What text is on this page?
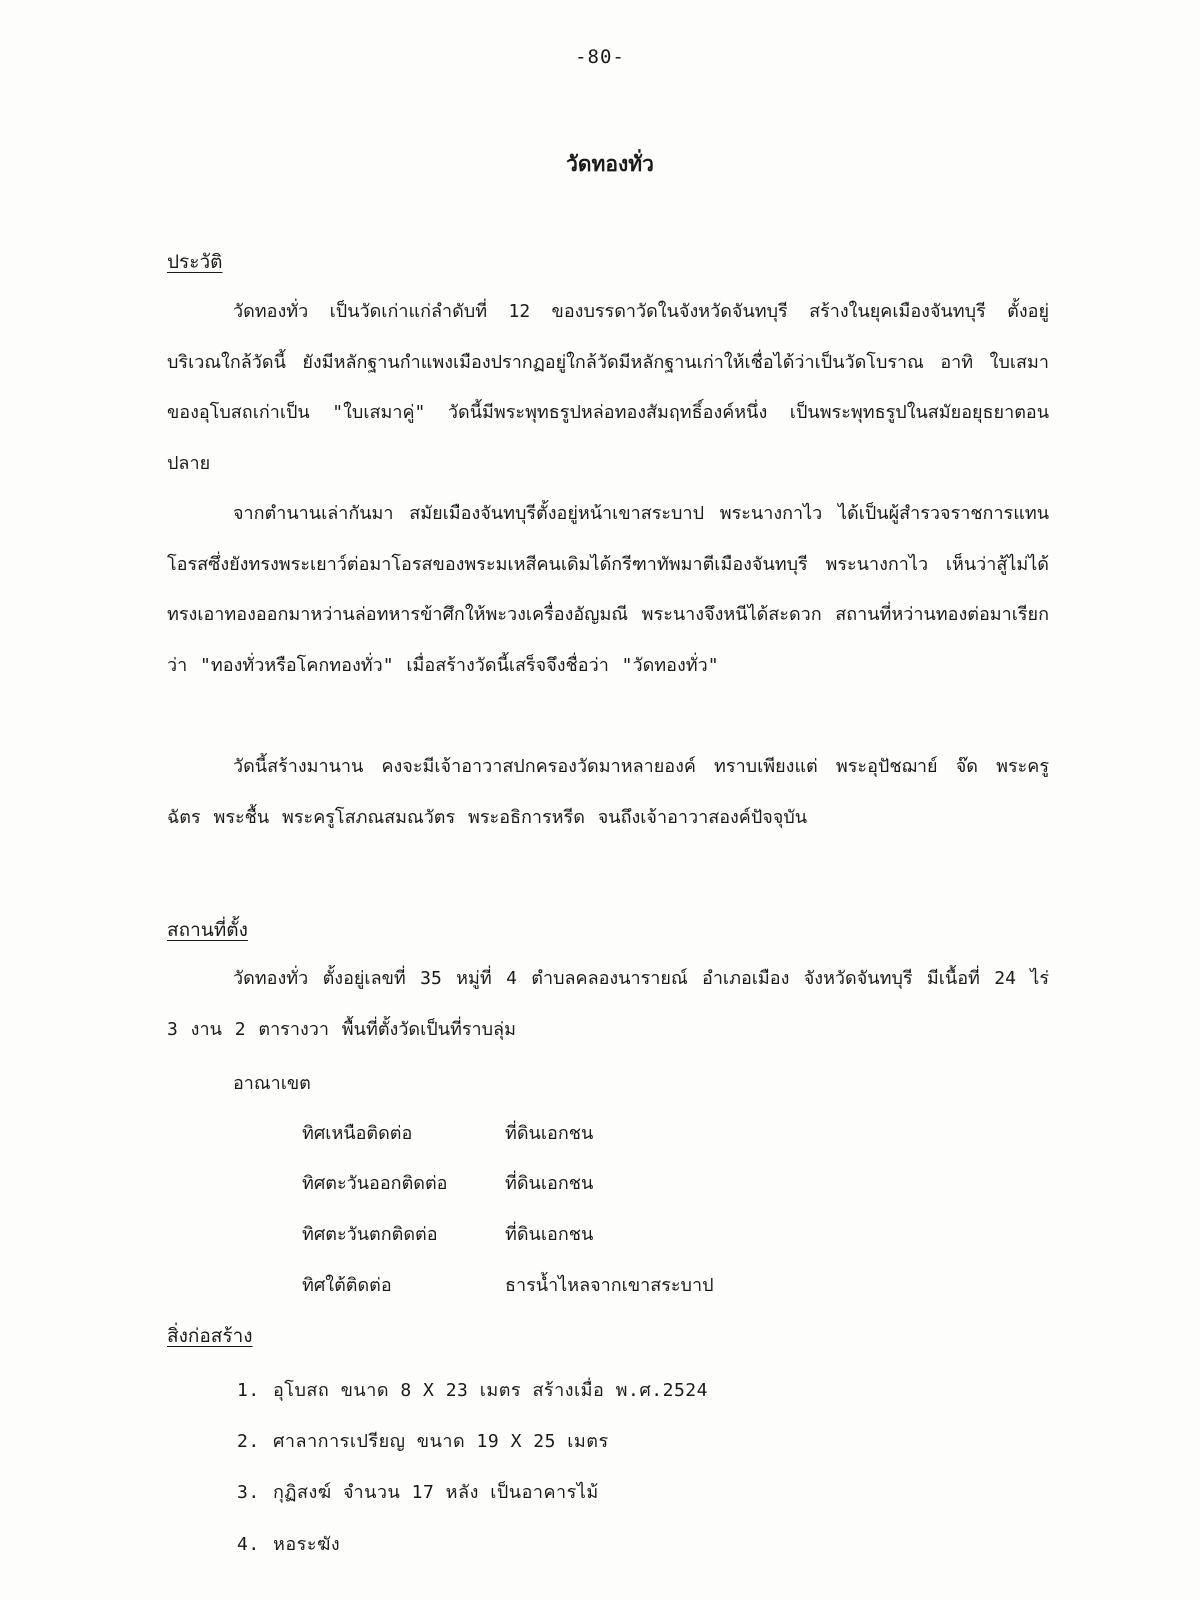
-80-
วัดทองทั่ว
ประวัติ

วัดทองทั่ว เป็นวัดเก่าแก่ลำดับที่ 12 ของบรรดาวัดในจังหวัดจันทบุรี สร้างในยุคเมืองจันทบุรี ตั้งอยู่บริเวณใกล้วัดนี้ ยังมีหลักฐานกำแพงเมืองปรากฏอยู่ใกล้วัดมีหลักฐานเก่าให้เชื่อได้ว่าเป็นวัดโบราณ อาทิ ใบเสมาของอุโบสถเก่าเป็น "ใบเสมาคู่" วัดนี้มีพระพุทธรูปหล่อทองสัมฤทธิ์องค์หนึ่ง เป็นพระพุทธรูปในสมัยอยุธยาตอนปลาย

จากตำนานเล่ากันมา สมัยเมืองจันทบุรีตั้งอยู่หน้าเขาสระบาป พระนางกาไว ได้เป็นผู้สำรวจราชการแทนโอรสซึ่งยังทรงพระเยาว์ต่อมาโอรสของพระมเหสีคนเดิมได้กรีฑาทัพมาตีเมืองจันทบุรี พระนางกาไว เห็นว่าสู้ไม่ได้ ทรงเอาทองออกมาหว่านล่อทหารข้าศึกให้พะวงเครื่องอัญมณี พระนางจึงหนีได้สะดวก สถานที่หว่านทองต่อมาเรียกว่า "ทองทั่วหรือโคกทองทั่ว" เมื่อสร้างวัดนี้เสร็จจึงชื่อว่า "วัดทองทั่ว"

วัดนี้สร้างมานาน คงจะมีเจ้าอาวาสปกครองวัดมาหลายองค์ ทราบเพียงแต่ พระอุปัชฌาย์ จ๊ด พระครูฉัตร พระชื้น พระครูโสภณสมณวัตร พระอธิการหรีด จนถึงเจ้าอาวาสองค์ปัจจุบัน

สถานที่ตั้ง

วัดทองทั่ว ตั้งอยู่เลขที่ 35 หมู่ที่ 4 ตำบลคลองนารายณ์ อำเภอเมือง จังหวัดจันทบุรี มีเนื้อที่ 24 ไร่ 3 งาน 2 ตารางวา พื้นที่ตั้งวัดเป็นที่ราบลุ่ม

อาณาเขต
ทิศเหนือติดต่อ	ที่ดินเอกชน
ทิศตะวันออกติดต่อ	ที่ดินเอกชน
ทิศตะวันตกติดต่อ	ที่ดินเอกชน
ทิศใต้ติดต่อ	ธารน้ำไหลจากเขาสระบาป
สิ่งก่อสร้าง
1. อุโบสถ ขนาด 8 X 23 เมตร สร้างเมื่อ พ.ศ.2524
2. ศาลาการเปรียญ ขนาด 19 X 25 เมตร
3. กุฏิสงฆ์ จำนวน 17 หลัง เป็นอาคารไม้
4. หอระฆัง
